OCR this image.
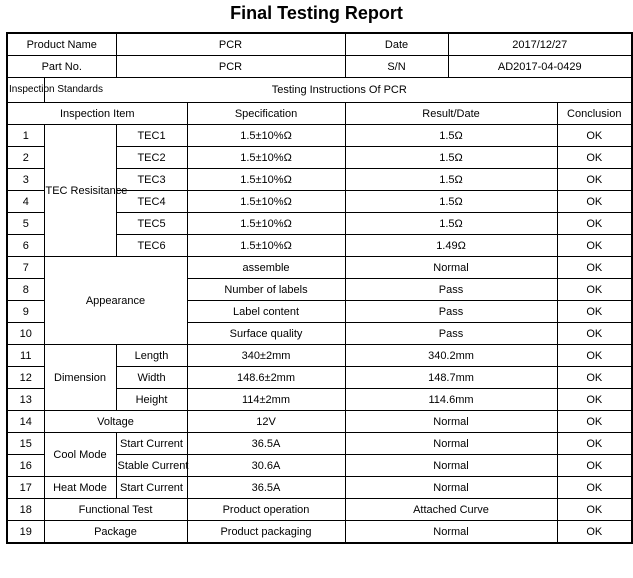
Final Testing Report
Product Name		PCR		Date	2017/12/27	
Part No.		PCR		S/N	AD2017-04-0429	
Inspection Standards	Testing Instructions Of PCR					
Inspection Item			Specification	Result/Date		Conclusion
1	TEC Resisitance	TEC1	1.5±10%Ω	1.5Ω		OK
2		TEC2	1.5±10%Ω	1.5Ω		OK
3		TEC3	1.5±10%Ω	1.5Ω		OK
4		TEC4	1.5±10%Ω	1.5Ω		OK
5		TEC5	1.5±10%Ω	1.5Ω		OK
6		TEC6	1.5±10%Ω	1.49Ω		OK
7	Appearance		assemble	Normal		OK
8			Number of labels	Pass		OK
9			Label content	Pass		OK
10			Surface quality	Pass		OK
11	Dimension	Length	340±2mm	340.2mm		OK
12		Width	148.6±2mm	148.7mm		OK
13		Height	114±2mm	114.6mm		OK
14	Voltage		12V	Normal		OK
15	Cool Mode	Start Current	36.5A	Normal		OK
16		Stable Current	30.6A	Normal		OK
17	Heat Mode	Start Current	36.5A	Normal		OK
18	Functional Test		Product operation	Attached Curve		OK
19	Package		Product packaging	Normal		OK
